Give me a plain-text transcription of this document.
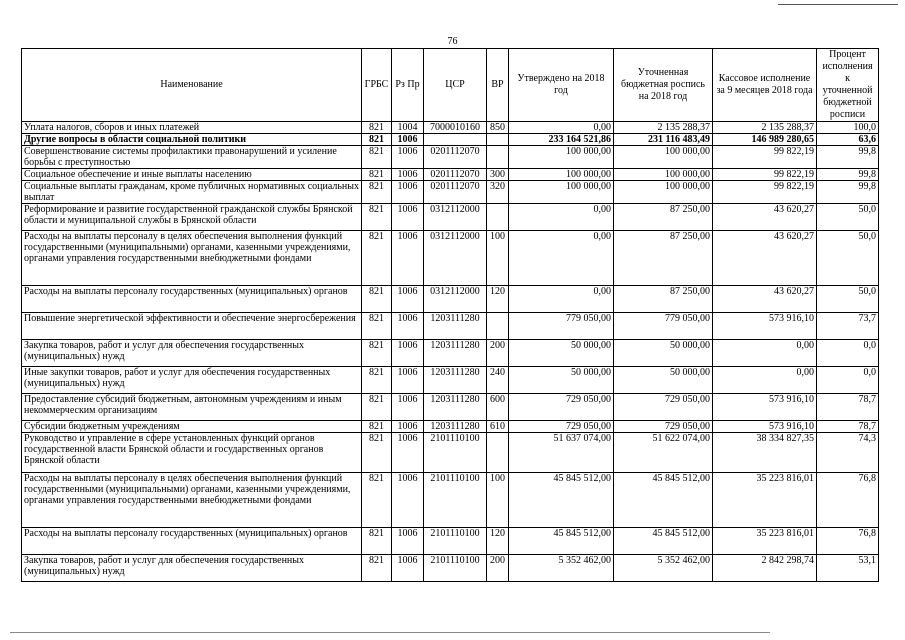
76
Наименование	ГРБС	Рз Пр	ЦСР	ВР	Утверждено на 2018 год	Уточненная бюджетная роспись на 2018 год	Кассовое исполнение за 9 месяцев 2018 года	Процент исполнения к уточненной бюджетной росписи
Уплата налогов, сборов и иных платежей	821	1004	7000010160	850	0,00	2 135 288,37	2 135 288,37	100,0
Другие вопросы в области социальной политики	821	1006			233 164 521,86	231 116 483,49	146 989 280,65	63,6
Совершенствование системы профилактики правонарушений и усиление борьбы с преступностью	821	1006	0201112070		100 000,00	100 000,00	99 822,19	99,8
Социальное обеспечение и иные выплаты населению	821	1006	0201112070	300	100 000,00	100 000,00	99 822,19	99,8
Социальные выплаты гражданам, кроме публичных нормативных социальных выплат	821	1006	0201112070	320	100 000,00	100 000,00	99 822,19	99,8
Реформирование и развитие государственной гражданской службы Брянской области и муниципальной службы в Брянской области	821	1006	0312112000		0,00	87 250,00	43 620,27	50,0
Расходы на выплаты персоналу в целях обеспечения выполнения функций государственными (муниципальными) органами, казенными учреждениями, органами управления государственными внебюджетными фондами	821	1006	0312112000	100	0,00	87 250,00	43 620,27	50,0
Расходы на выплаты персоналу государственных (муниципальных) органов	821	1006	0312112000	120	0,00	87 250,00	43 620,27	50,0
Повышение энергетической эффективности и обеспечение энергосбережения	821	1006	1203111280		779 050,00	779 050,00	573 916,10	73,7
Закупка товаров, работ и услуг для обеспечения государственных (муниципальных) нужд	821	1006	1203111280	200	50 000,00	50 000,00	0,00	0,0
Иные закупки товаров, работ и услуг для обеспечения государственных (муниципальных) нужд	821	1006	1203111280	240	50 000,00	50 000,00	0,00	0,0
Предоставление субсидий бюджетным, автономным учреждениям и иным некоммерческим организациям	821	1006	1203111280	600	729 050,00	729 050,00	573 916,10	78,7
Субсидии бюджетным учреждениям	821	1006	1203111280	610	729 050,00	729 050,00	573 916,10	78,7
Руководство и управление в сфере установленных функций органов государственной власти Брянской области и государственных органов Брянской области	821	1006	2101110100		51 637 074,00	51 622 074,00	38 334 827,35	74,3
Расходы на выплаты персоналу в целях обеспечения выполнения функций государственными (муниципальными) органами, казенными учреждениями, органами управления государственными внебюджетными фондами	821	1006	2101110100	100	45 845 512,00	45 845 512,00	35 223 816,01	76,8
Расходы на выплаты персоналу государственных (муниципальных) органов	821	1006	2101110100	120	45 845 512,00	45 845 512,00	35 223 816,01	76,8
Закупка товаров, работ и услуг для обеспечения государственных (муниципальных) нужд	821	1006	2101110100	200	5 352 462,00	5 352 462,00	2 842 298,74	53,1
